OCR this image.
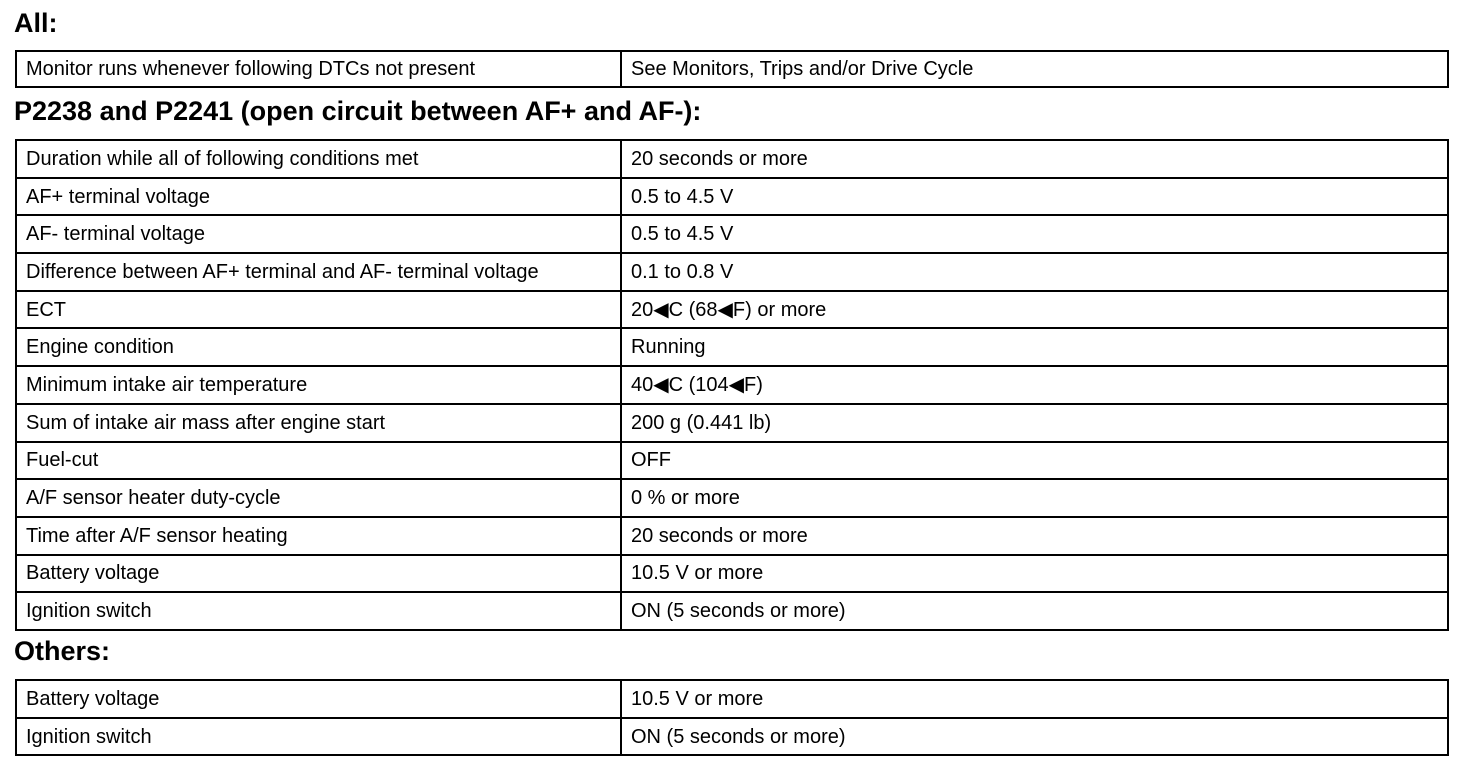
All:
Monitor runs whenever following DTCs not present	See Monitors, Trips and/or Drive Cycle
P2238 and P2241 (open circuit between AF+ and AF-):
Duration while all of following conditions met	20 seconds or more
AF+ terminal voltage	0.5 to 4.5 V
AF- terminal voltage	0.5 to 4.5 V
Difference between AF+ terminal and AF- terminal voltage	0.1 to 0.8 V
ECT	20◀C (68◀F) or more
Engine condition	Running
Minimum intake air temperature	40◀C (104◀F)
Sum of intake air mass after engine start	200 g (0.441 lb)
Fuel-cut	OFF
A/F sensor heater duty-cycle	0 % or more
Time after A/F sensor heating	20 seconds or more
Battery voltage	10.5 V or more
Ignition switch	ON (5 seconds or more)
Others:
Battery voltage	10.5 V or more
Ignition switch	ON (5 seconds or more)
